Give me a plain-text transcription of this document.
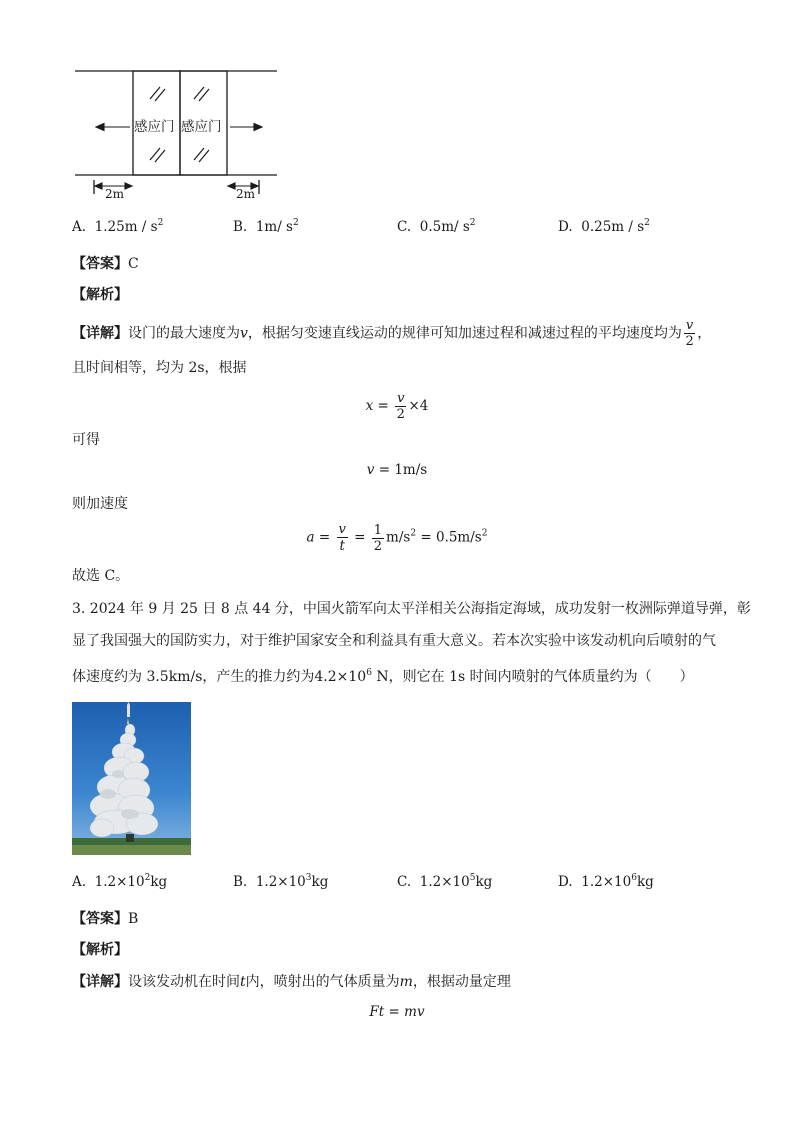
感应门 感应门
2m	2m
A. $1.25m / s^2$	B. 1m/ $s^2$	C. 0.5m/ $s^2$	D. $0.25m / s^2$
【答案】C
【解析】
【详解】设门的最大速度为v，根据匀变速直线运动的规律可知加速过程和减速过程的平均速度均为 $\frac{v}{2}$ ，
且时间相等，均为 2s，根据
$x = \frac{v}{2} \times 4$
可得
v = 1m/s
则加速度
$a = \frac{v}{t} = \frac{1}{2} m/s^2 = 0.5m/s^2$
故选 C。
3. 2024 年 9 月 25 日 8 点 44 分，中国火箭军向太平洋相关公海指定海域，成功发射一枚洲际弹道导弹，彰
显了我国强大的国防实力，对于维护国家安全和利益具有重大意义。若本次实验中该发动机向后喷射的气
体速度约为 3.5km/s，产生的推力约为$4.2\times 10^6$ N，则它在 1s 时间内喷射的气体质量约为（　　）
A. $1.2\times 10^2kg$	B. $1.2\times 10^3kg$	C. $1.2\times 10^5kg$	D. $1.2\times 10^6kg$
【答案】B
【解析】
【详解】设该发动机在时间t内，喷射出的气体质量为m，根据动量定理
Ft = mv
